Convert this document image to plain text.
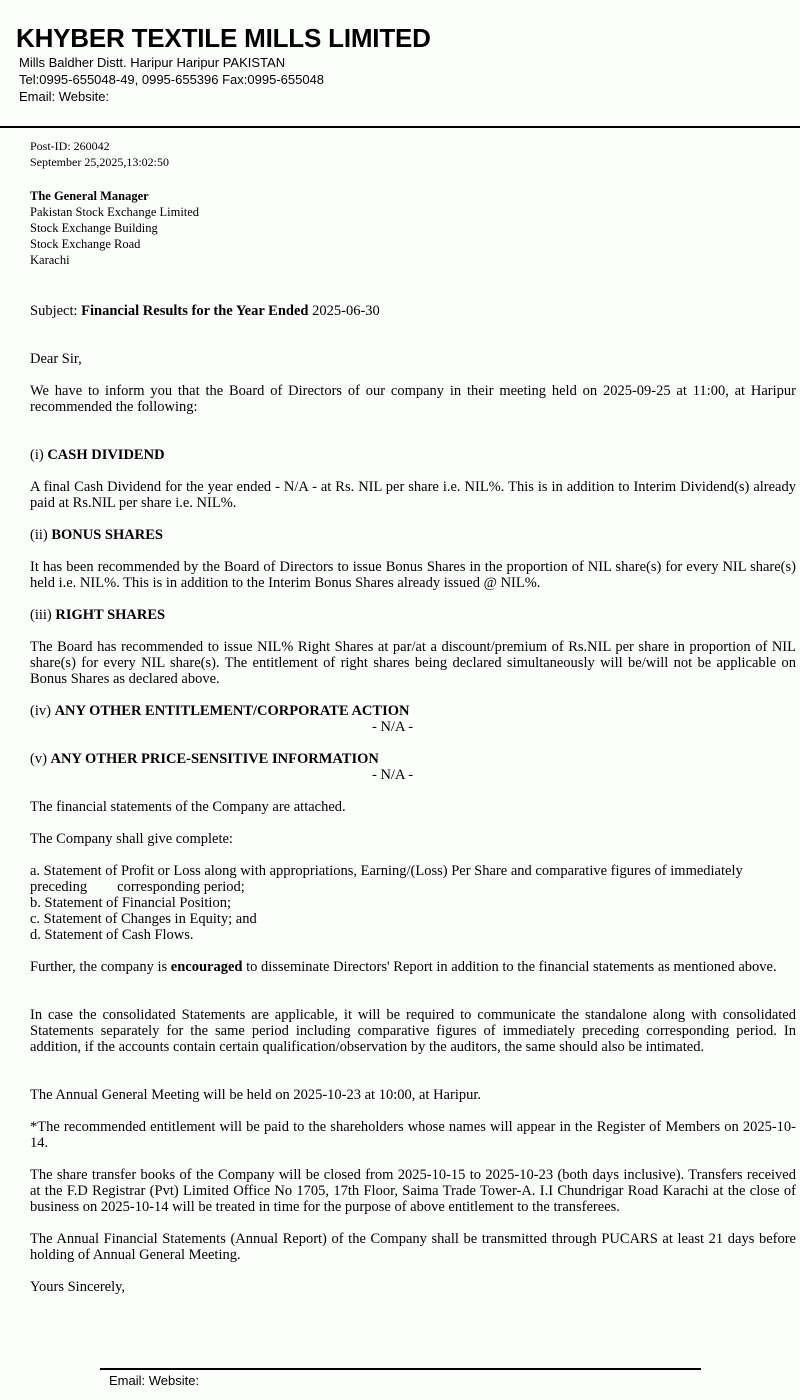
KHYBER TEXTILE MILLS LIMITED
Mills Baldher Distt. Haripur Haripur PAKISTAN
Tel:0995-655048-49, 0995-655396 Fax:0995-655048
Email: Website:
Post-ID: 260042
September 25,2025,13:02:50
The General Manager
Pakistan Stock Exchange Limited
Stock Exchange Building
Stock Exchange Road
Karachi
Subject: Financial Results for the Year Ended 2025-06-30
Dear Sir,
We have to inform you that the Board of Directors of our company in their meeting held on 2025-09-25 at 11:00, at Haripur recommended the following:
(i) CASH DIVIDEND
A final Cash Dividend for the year ended - N/A - at Rs. NIL per share i.e. NIL%. This is in addition to Interim Dividend(s) already paid at Rs.NIL per share i.e. NIL%.
(ii) BONUS SHARES
It has been recommended by the Board of Directors to issue Bonus Shares in the proportion of NIL share(s) for every NIL share(s) held i.e. NIL%. This is in addition to the Interim Bonus Shares already issued @ NIL%.
(iii) RIGHT SHARES
The Board has recommended to issue NIL% Right Shares at par/at a discount/premium of Rs.NIL per share in proportion of NIL share(s) for every NIL share(s). The entitlement of right shares being declared simultaneously will be/will not be applicable on Bonus Shares as declared above.
(iv) ANY OTHER ENTITLEMENT/CORPORATE ACTION
- N/A -
(v) ANY OTHER PRICE-SENSITIVE INFORMATION
- N/A -
The financial statements of the Company are attached.
The Company shall give complete:
a. Statement of Profit or Loss along with appropriations, Earning/(Loss) Per Share and comparative figures of immediately
preceding corresponding period;
b. Statement of Financial Position;
c. Statement of Changes in Equity; and
d. Statement of Cash Flows.
Further, the company is encouraged to disseminate Directors' Report in addition to the financial statements as mentioned above.
In case the consolidated Statements are applicable, it will be required to communicate the standalone along with consolidated Statements separately for the same period including comparative figures of immediately preceding corresponding period. In addition, if the accounts contain certain qualification/observation by the auditors, the same should also be intimated.
The Annual General Meeting will be held on 2025-10-23 at 10:00, at Haripur.
*The recommended entitlement will be paid to the shareholders whose names will appear in the Register of Members on 2025-10-14.
The share transfer books of the Company will be closed from 2025-10-15 to 2025-10-23 (both days inclusive). Transfers received at the F.D Registrar (Pvt) Limited Office No 1705, 17th Floor, Saima Trade Tower-A. I.I Chundrigar Road Karachi at the close of business on 2025-10-14 will be treated in time for the purpose of above entitlement to the transferees.
The Annual Financial Statements (Annual Report) of the Company shall be transmitted through PUCARS at least 21 days before holding of Annual General Meeting.
Yours Sincerely,
Email: Website:
